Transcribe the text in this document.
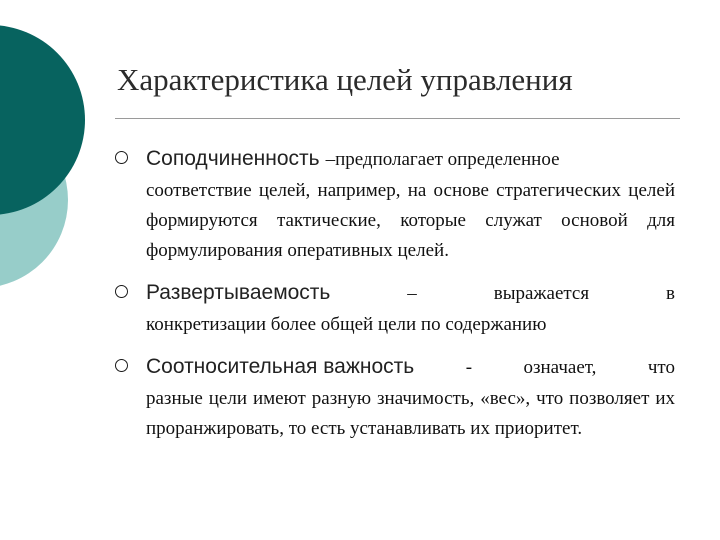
Характеристика целей управления
Соподчиненность –предполагает определенное
соответствие целей, например, на основе стратегических целей формируются тактические, которые служат основой для формулирования оперативных целей.
Развертываемость	–	выражается	в
конкретизации более общей цели по содержанию
Соотносительная важность	-	означает,	что
разные цели имеют разную значимость, «вес», что позволяет их проранжировать, то есть устанавливать их приоритет.
